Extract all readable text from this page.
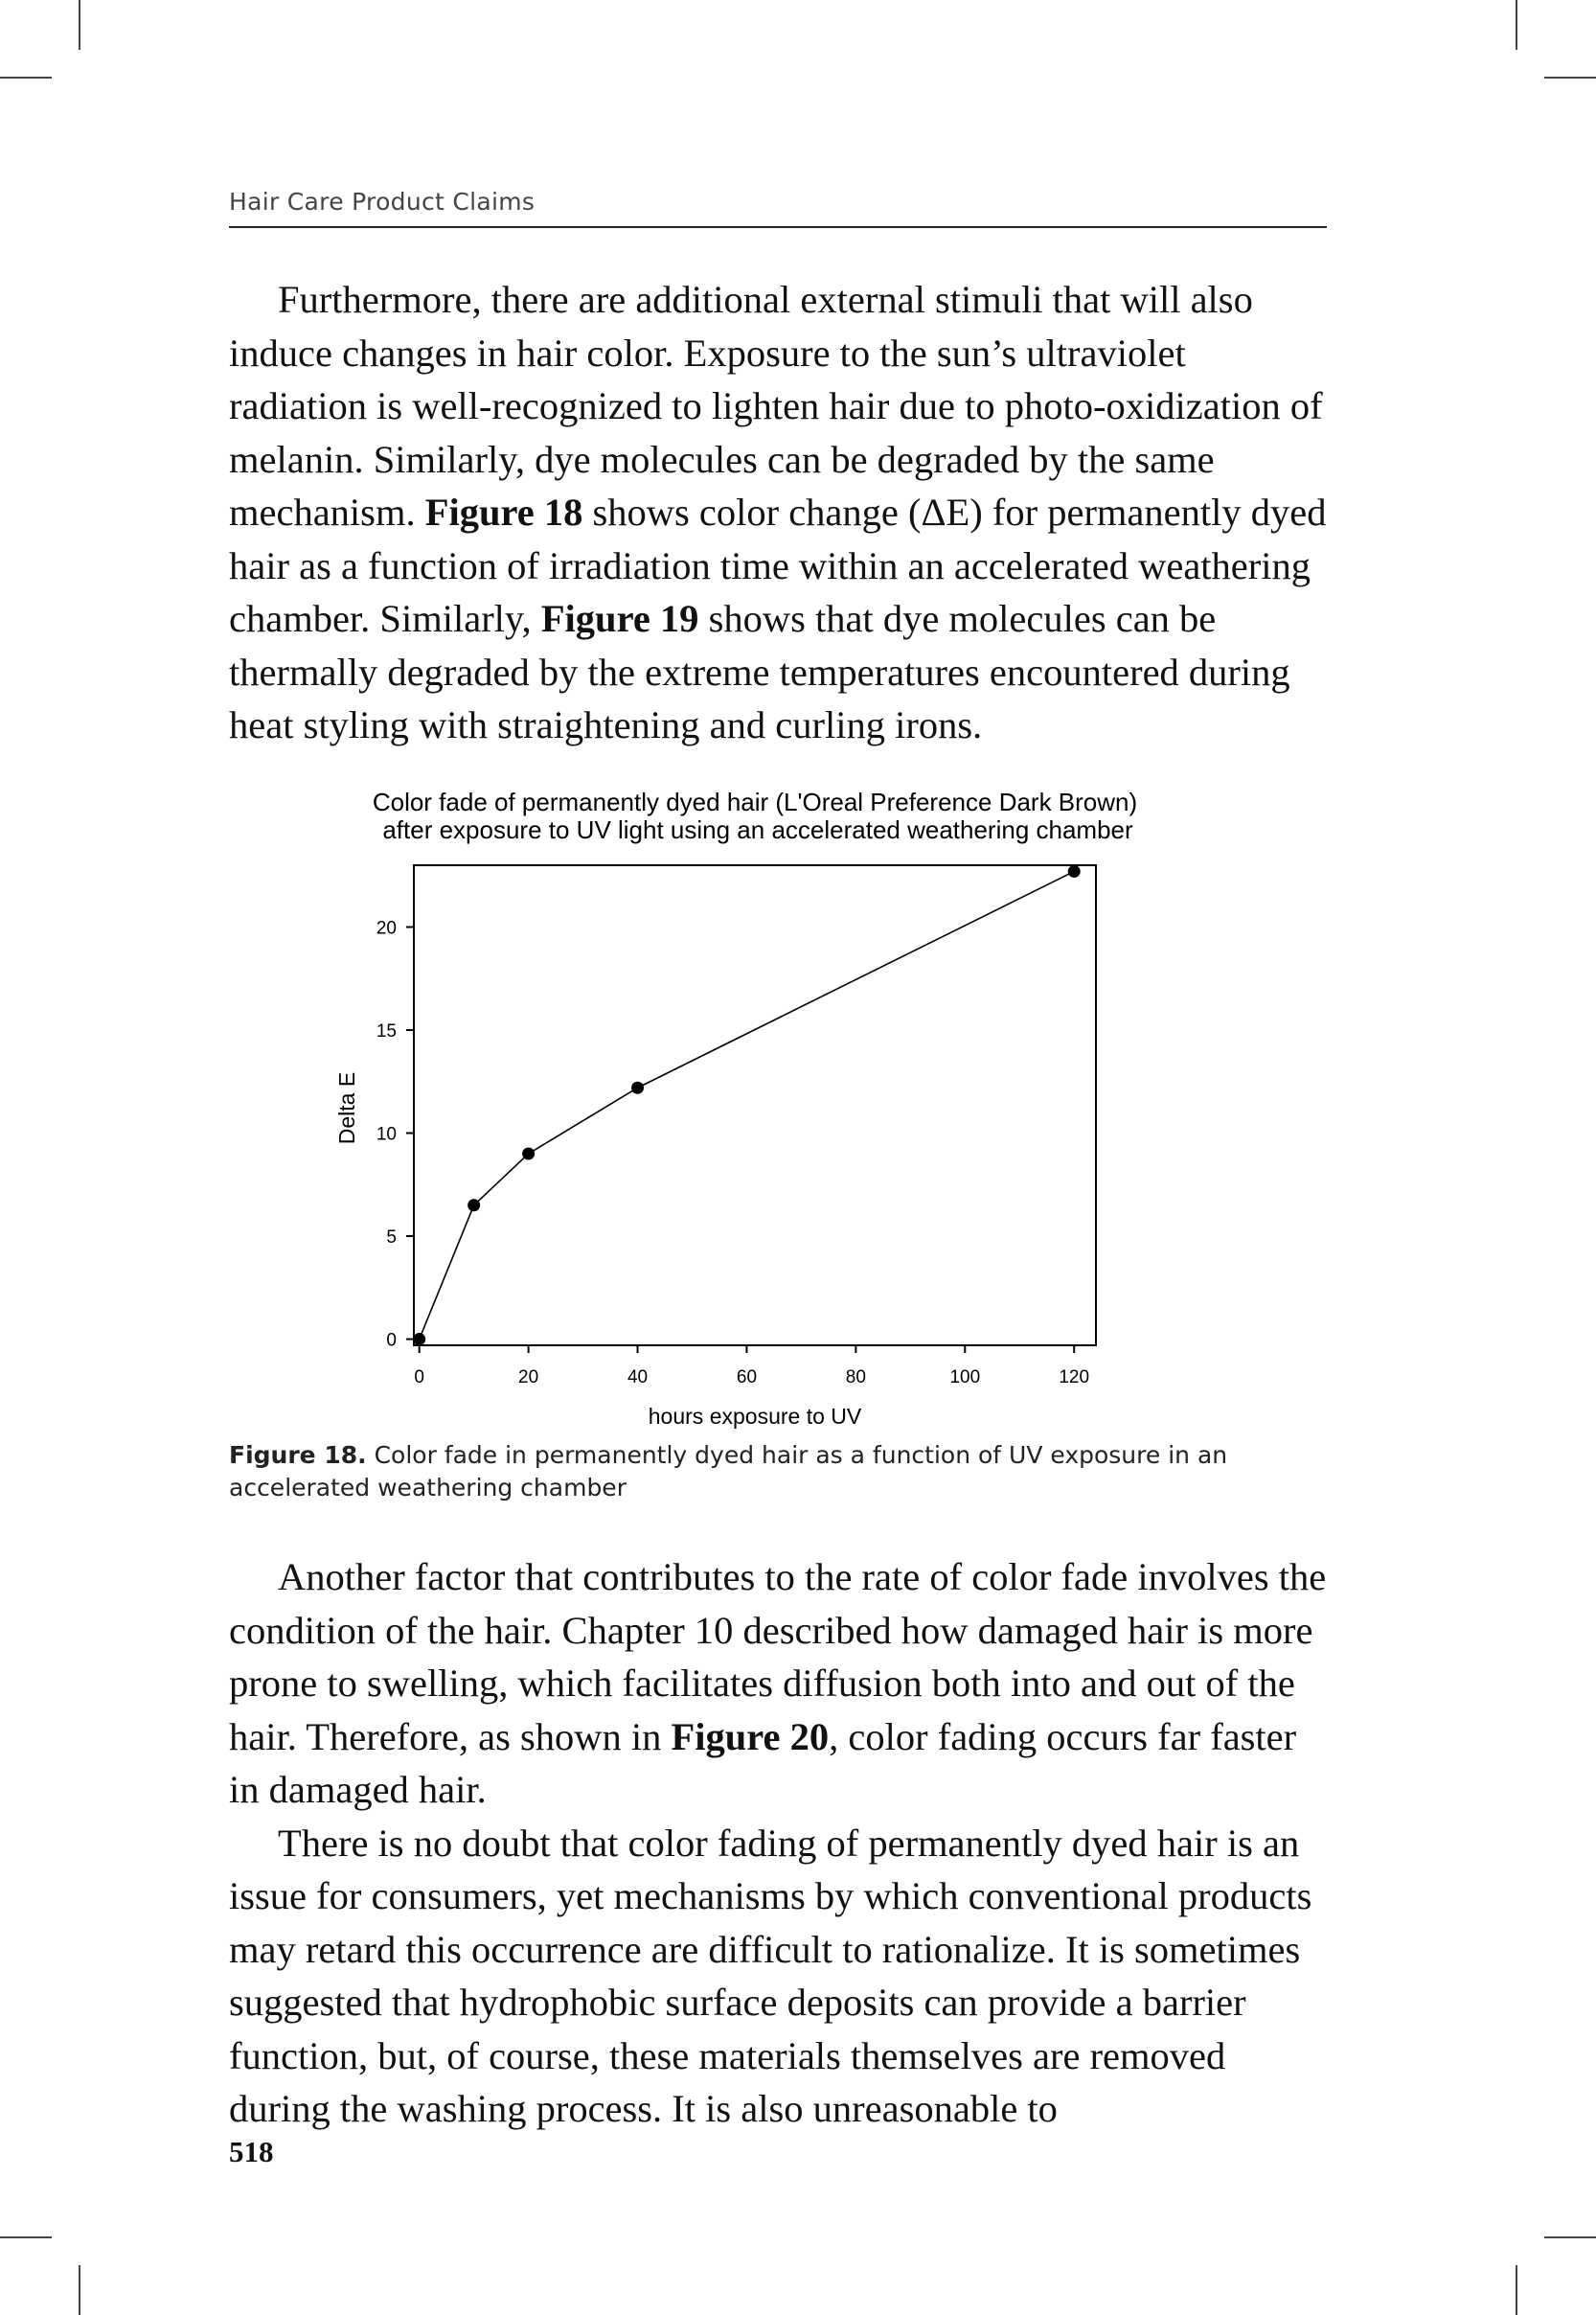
Hair Care Product Claims

Furthermore, there are additional external stimuli that will also induce changes in hair color. Exposure to the sun’s ultraviolet radiation is well-recognized to lighten hair due to photo-oxidization of melanin. Similarly, dye molecules can be degraded by the same mechanism. Figure 18 shows color change (ΔE) for permanently dyed hair as a function of irradiation time within an accelerated weathering chamber. Similarly, Figure 19 shows that dye molecules can be thermally degraded by the extreme temperatures encountered during heat styling with straightening and curling irons.

Color fade of permanently dyed hair (L'Oreal Preference Dark Brown)
after exposure to UV light using an accelerated weathering chamber
0
5
10
15
20
0	20	40	60	80	100	120
hours exposure to UV
Delta E
Figure 18. Color fade in permanently dyed hair as a function of UV exposure in an accelerated weathering chamber

Another factor that contributes to the rate of color fade involves the condition of the hair. Chapter 10 described how damaged hair is more prone to swelling, which facilitates diffusion both into and out of the hair. Therefore, as shown in Figure 20, color fading occurs far faster in damaged hair.

There is no doubt that color fading of permanently dyed hair is an issue for consumers, yet mechanisms by which conventional products may retard this occurrence are difficult to rationalize. It is sometimes suggested that hydrophobic surface deposits can provide a barrier function, but, of course, these materials themselves are removed during the washing process. It is also unreasonable to

518
